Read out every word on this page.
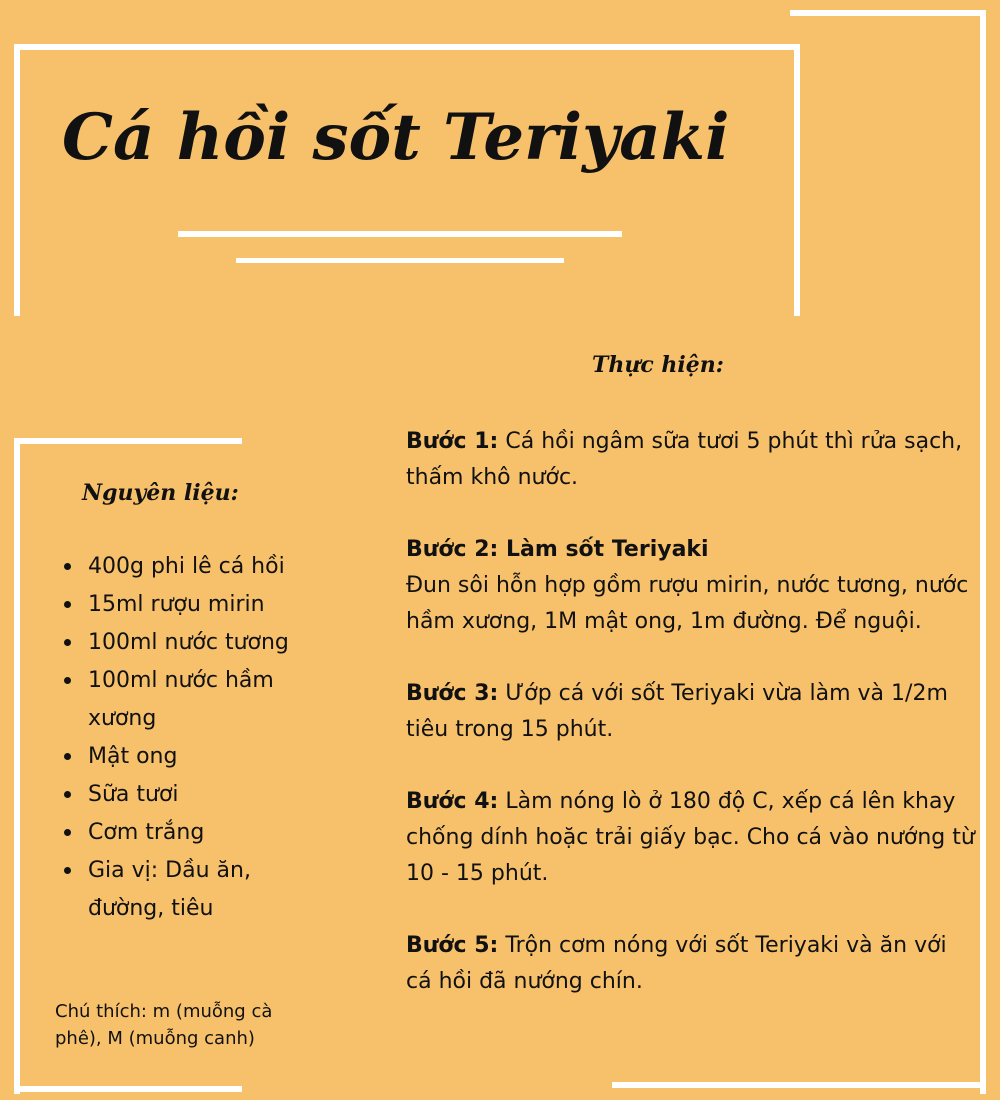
Cá hồi sốt Teriyaki
Nguyên liệu:
400g phi lê cá hồi
15ml rượu mirin
100ml nước tương
100ml nước hầm xương
Mật ong
Sữa tươi
Cơm trắng
Gia vị: Dầu ăn, đường, tiêu
Chú thích: m (muỗng cà phê), M (muỗng canh)
Thực hiện:
Bước 1: Cá hồi ngâm sữa tươi 5 phút thì rửa sạch, thấm khô nước.
Bước 2: Làm sốt Teriyaki
Đun sôi hỗn hợp gồm rượu mirin, nước tương, nước hầm xương, 1M mật ong, 1m đường. Để nguội.
Bước 3: Ướp cá với sốt Teriyaki vừa làm và 1/2m tiêu trong 15 phút.
Bước 4: Làm nóng lò ở 180 độ C, xếp cá lên khay chống dính hoặc trải giấy bạc. Cho cá vào nướng từ 10 - 15 phút.
Bước 5: Trộn cơm nóng với sốt Teriyaki và ăn với cá hồi đã nướng chín.
